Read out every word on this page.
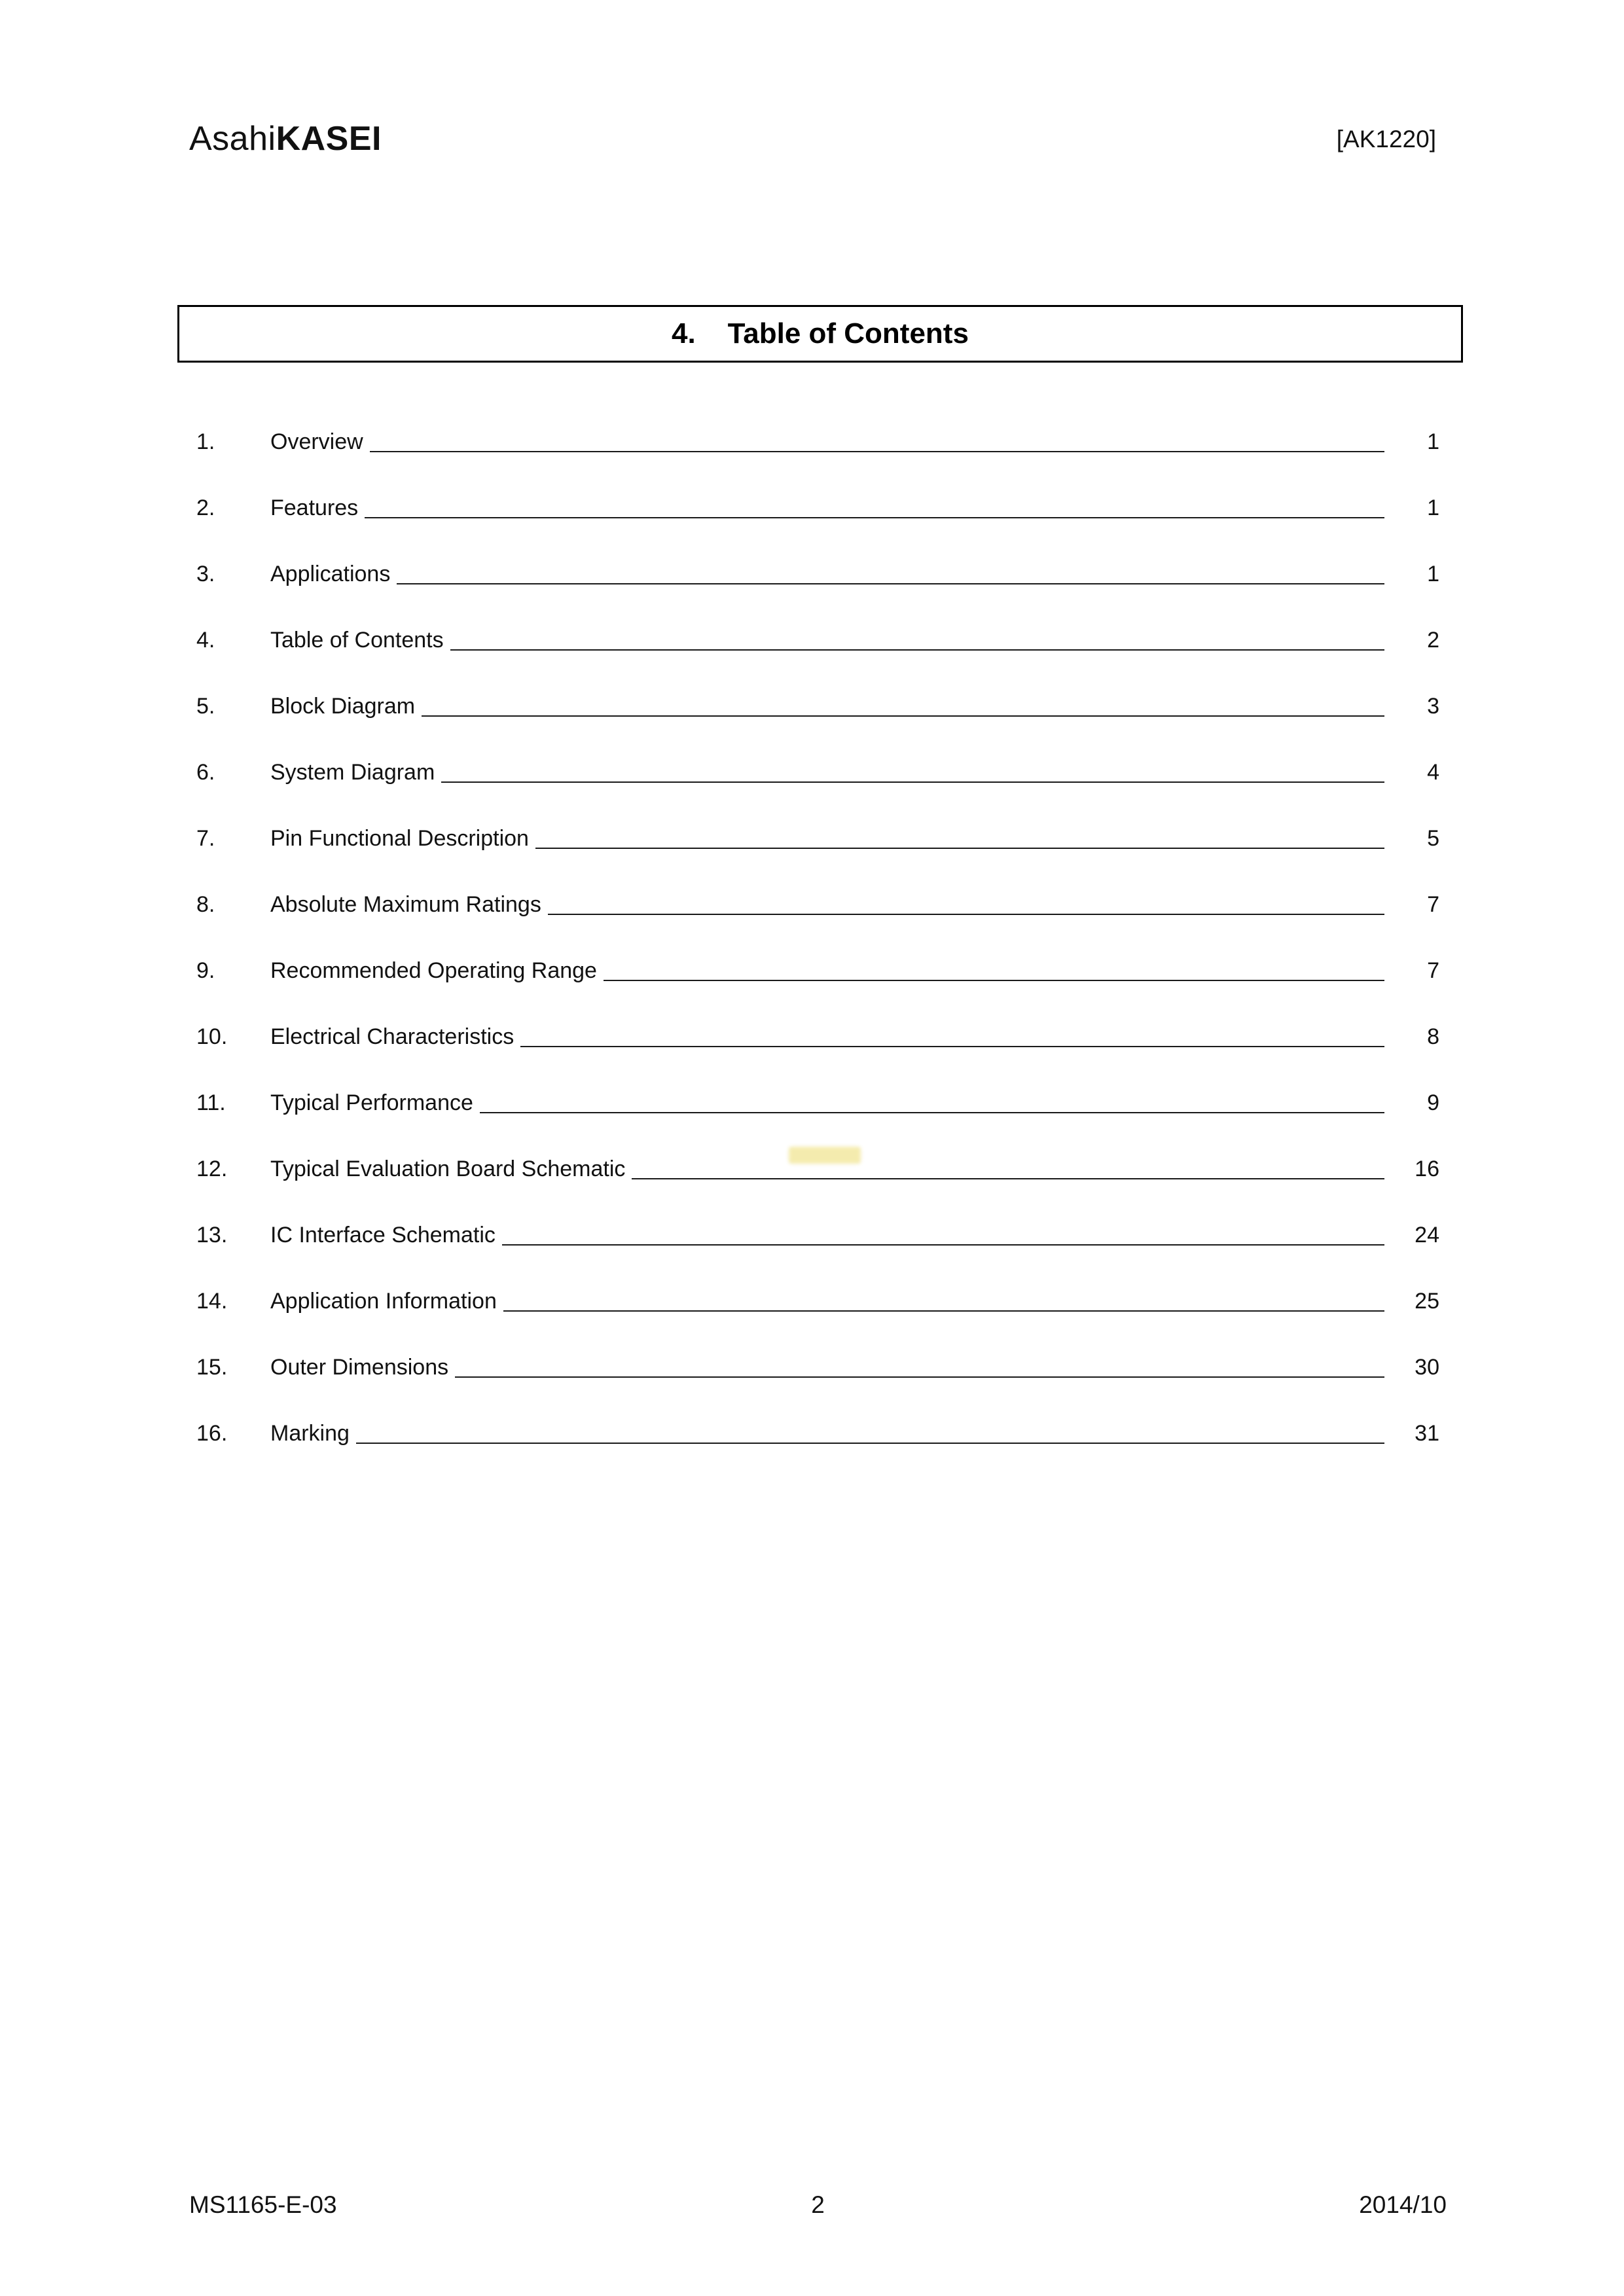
AsahiKASEI	[AK1220]
4.    Table of Contents
1.	Overview	1
2.	Features	1
3.	Applications	1
4.	Table of Contents	2
5.	Block Diagram	3
6.	System Diagram	4
7.	Pin Functional Description	5
8.	Absolute Maximum Ratings	7
9.	Recommended Operating Range	7
10.	Electrical Characteristics	8
11.	Typical Performance	9
12.	Typical Evaluation Board Schematic	16
13.	IC Interface Schematic	24
14.	Application Information	25
15.	Outer Dimensions	30
16.	Marking	31
MS1165-E-03	2	2014/10
